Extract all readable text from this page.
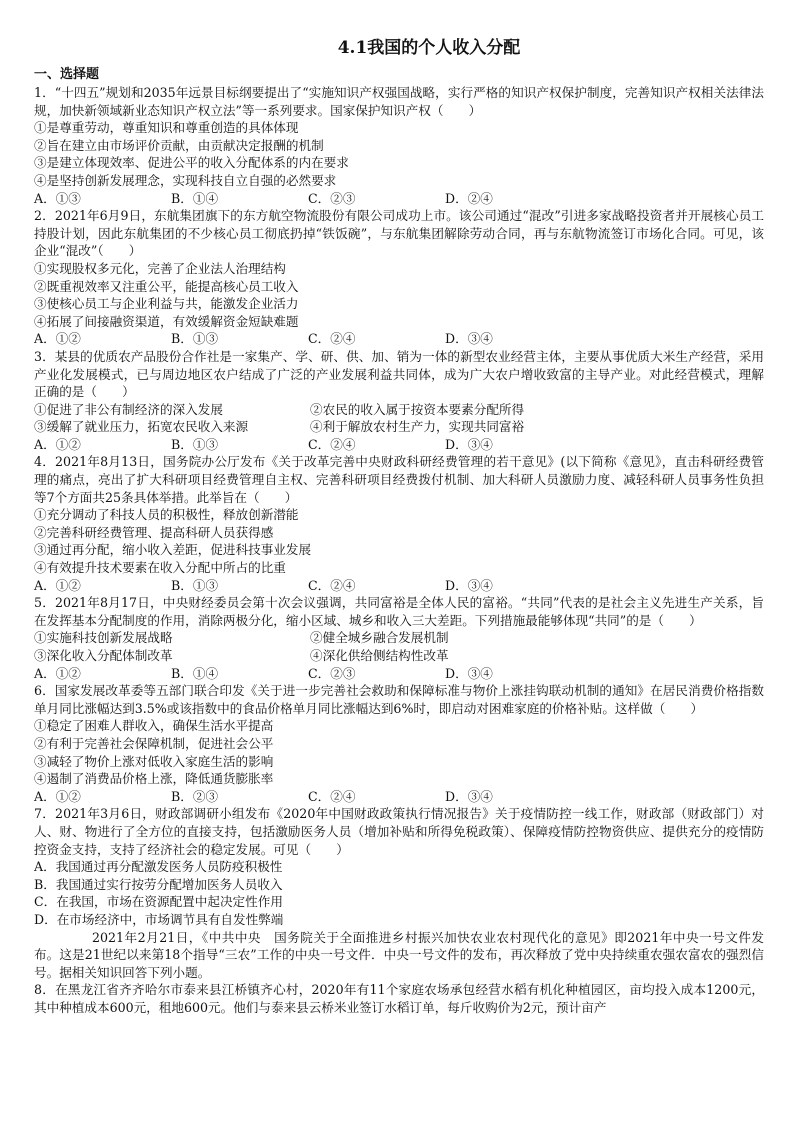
4.1我国的个人收入分配
一、选择题

1．“十四五”规划和2035年远景目标纲要提出了“实施知识产权强国战略，实行严格的知识产权保护制度，完善知识产权相关法律法规，加快新领域新业态知识产权立法”等一系列要求。国家保护知识产权（　　）

①是尊重劳动，尊重知识和尊重创造的具体体现

②旨在建立由市场评价贡献，由贡献决定报酬的机制

③是建立体现效率、促进公平的收入分配体系的内在要求

④是坚持创新发展理念，实现科技自立自强的必然要求

A．①③	B．①④	C．②③	D．②④

2．2021年6月9日，东航集团旗下的东方航空物流股份有限公司成功上市。该公司通过“混改”引进多家战略投资者并开展核心员工持股计划，因此东航集团的不少核心员工彻底扔掉“铁饭碗”，与东航集团解除劳动合同，再与东航物流签订市场化合同。可见，该企业“混改”（　　）

①实现股权多元化，完善了企业法人治理结构

②既重视效率又注重公平，能提高核心员工收入

③使核心员工与企业利益与共，能激发企业活力

④拓展了间接融资渠道，有效缓解资金短缺难题

A．①②	B．①③	C．②④	D．③④

3．某县的优质农产品股份合作社是一家集产、学、研、供、加、销为一体的新型农业经营主体，主要从事优质大米生产经营，采用产业化发展模式，已与周边地区农户结成了广泛的产业发展利益共同体，成为广大农户增收致富的主导产业。对此经营模式，理解正确的是（　　）

①促进了非公有制经济的深入发展	②农民的收入属于按资本要素分配所得
③缓解了就业压力，拓宽农民收入来源	④利于解放农村生产力，实现共同富裕
A．①②	B．①③	C．②④	D．③④

4．2021年8月13日，国务院办公厅发布《关于改革完善中央财政科研经费管理的若干意见》(以下简称《意见》，直击科研经费管理的痛点，亮出了扩大科研项目经费管理自主权、完善科研项目经费拨付机制、加大科研人员激励力度、减轻科研人员事务性负担等7个方面共25条具体举措。此举旨在（　　）

①充分调动了科技人员的积极性，释放创新潜能

②完善科研经费管理、提高科研人员获得感

③通过再分配，缩小收入差距，促进科技事业发展

④有效提升技术要素在收入分配中所占的比重

A．①②	B．①③	C．②④	D．③④

5．2021年8月17日，中央财经委员会第十次会议强调，共同富裕是全体人民的富裕。“共同”代表的是社会主义先进生产关系，旨在发挥基本分配制度的作用，消除两极分化，缩小区域、城乡和收入三大差距。下列措施最能够体现“共同”的是（　　）

①实施科技创新发展战略	②健全城乡融合发展机制
③深化收入分配体制改革	④深化供给侧结构性改革
A．①②	B．①④	C．②③	D．③④

6．国家发展改革委等五部门联合印发《关于进一步完善社会救助和保障标准与物价上涨挂钩联动机制的通知》在居民消费价格指数单月同比涨幅达到3.5%或该指数中的食品价格单月同比涨幅达到6%时，即启动对困难家庭的价格补贴。这样做（　　）

①稳定了困难人群收入，确保生活水平提高

②有利于完善社会保障机制，促进社会公平

③减轻了物价上涨对低收入家庭生活的影响

④遏制了消费品价格上涨，降低通货膨胀率

A．①②	B．②③	C．②④	D．③④

7．2021年3月6日，财政部调研小组发布《2020年中国财政政策执行情况报告》关于疫情防控一线工作，财政部（财政部门）对人、财、物进行了全方位的直接支持，包括激励医务人员（增加补贴和所得免税政策）、保障疫情防控物资供应、提供充分的疫情防控资金支持，支持了经济社会的稳定发展。可见（　　）

A．我国通过再分配激发医务人员防疫积极性

B．我国通过实行按劳分配增加医务人员收入

C．在我国，市场在资源配置中起决定性作用

D．在市场经济中，市场调节具有自发性弊端

2021年2月21日，《中共中央　国务院关于全面推进乡村振兴加快农业农村现代化的意见》即2021年中央一号文件发布。这是21世纪以来第18个指导“三农”工作的中央一号文件．中央一号文件的发布，再次释放了党中央持续重农强农富农的强烈信号。据相关知识回答下列小题。

8．在黑龙江省齐齐哈尔市泰来县江桥镇齐心村，2020年有11个家庭农场承包经营水稻有机化种植园区，亩均投入成本1200元，其中种植成本600元，租地600元。他们与泰来县云桥米业签订水稻订单，每斤收购价为2元，预计亩产
